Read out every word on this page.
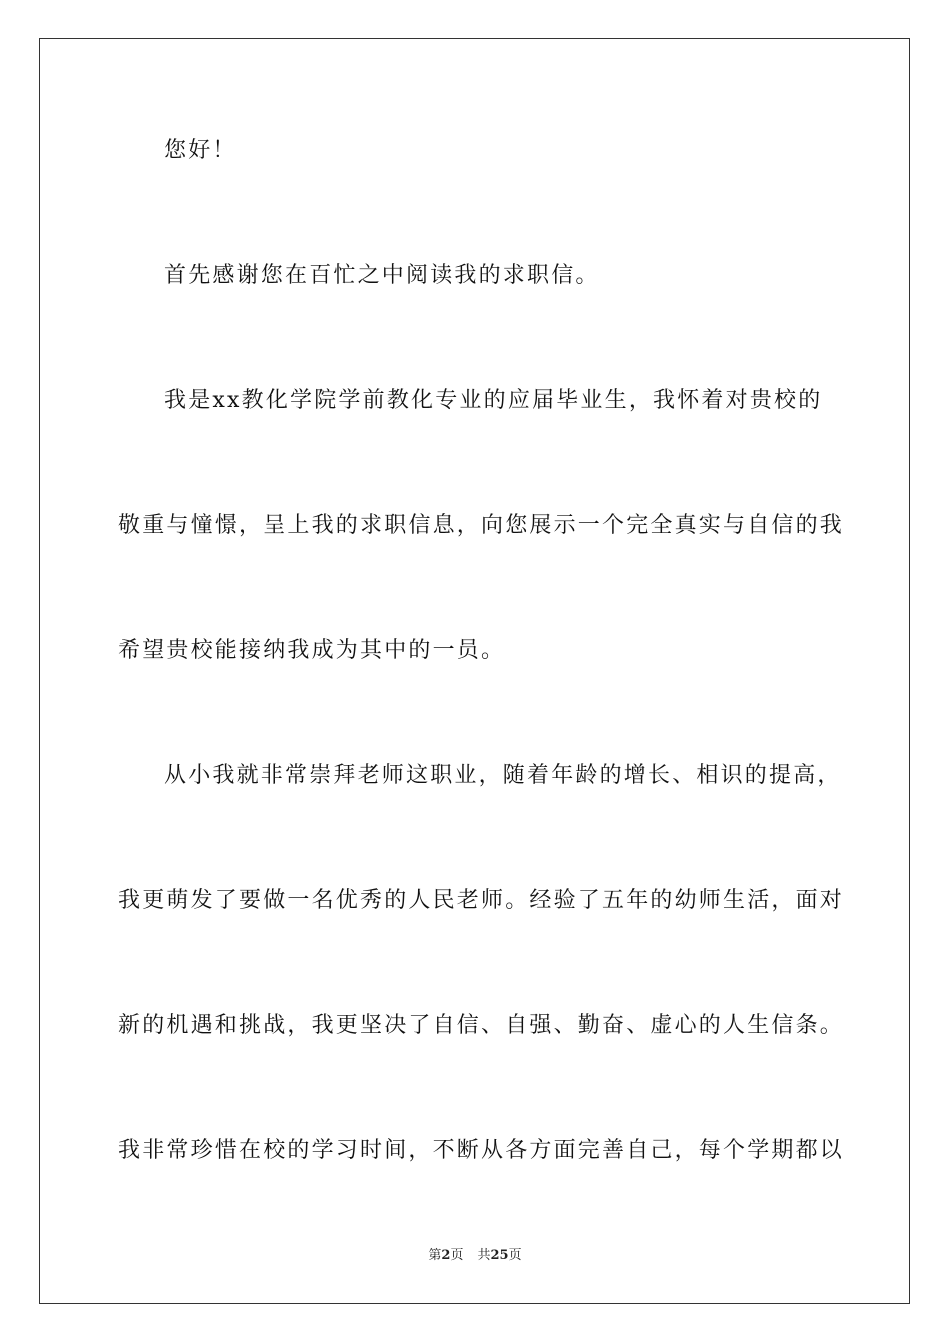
您好！
首先感谢您在百忙之中阅读我的求职信。
我是xx教化学院学前教化专业的应届毕业生，我怀着对贵校的
敬重与憧憬，呈上我的求职信息，向您展示一个完全真实与自信的我
希望贵校能接纳我成为其中的一员。
从小我就非常崇拜老师这职业，随着年龄的增长、相识的提高，
我更萌发了要做一名优秀的人民老师。经验了五年的幼师生活，面对
新的机遇和挑战，我更坚决了自信、自强、勤奋、虚心的人生信条。
我非常珍惜在校的学习时间，不断从各方面完善自己，每个学期都以
第2页 共25页
